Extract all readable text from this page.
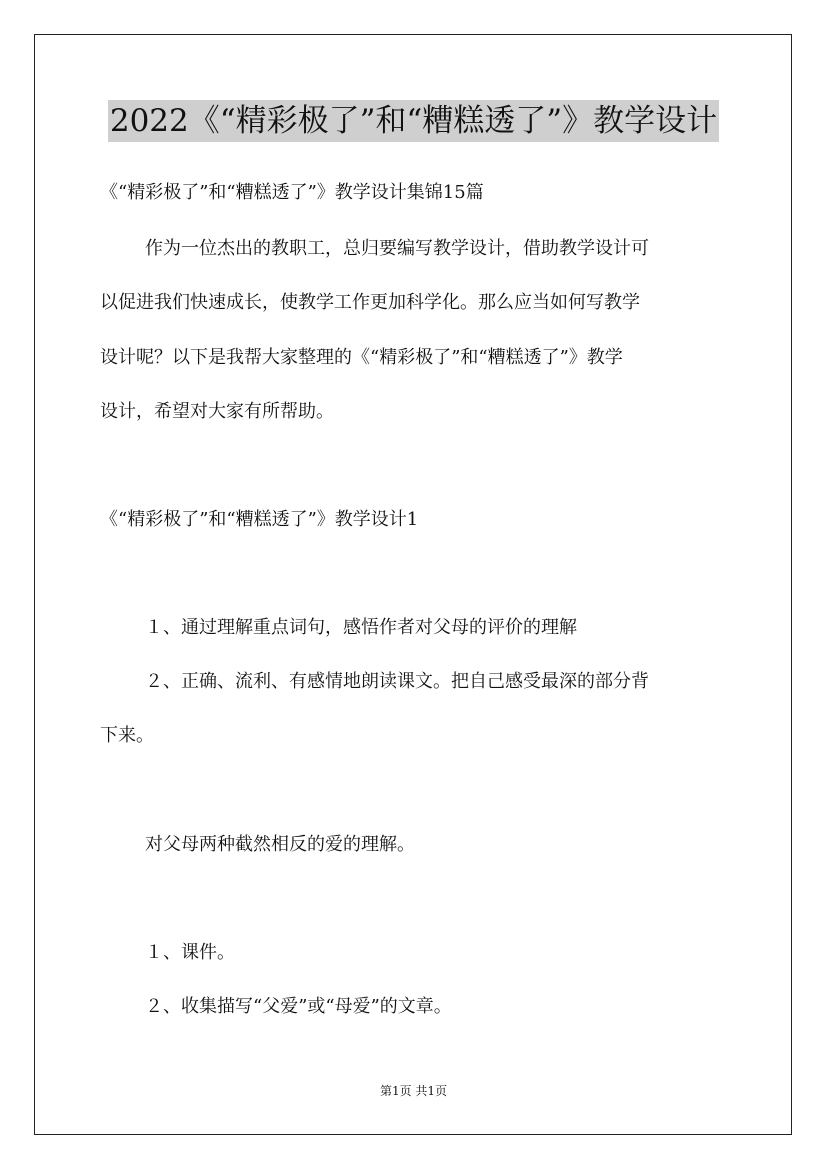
2022《“精彩极了”和“糟糕透了”》教学设计
《“精彩极了”和“糟糕透了”》教学设计集锦15篇
作为一位杰出的教职工，总归要编写教学设计，借助教学设计可
以促进我们快速成长，使教学工作更加科学化。那么应当如何写教学
设计呢？以下是我帮大家整理的《“精彩极了”和“糟糕透了”》教学
设计，希望对大家有所帮助。
《“精彩极了”和“糟糕透了”》教学设计1
１、通过理解重点词句，感悟作者对父母的评价的理解
２、正确、流利、有感情地朗读课文。把自己感受最深的部分背
下来。
对父母两种截然相反的爱的理解。
１、课件。
２、收集描写“父爱”或“母爱”的文章。
第1页 共1页
